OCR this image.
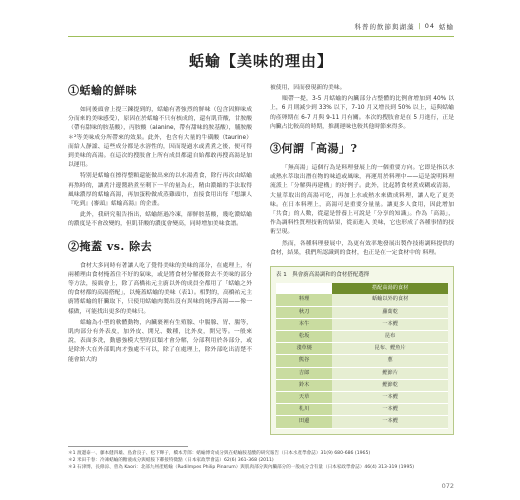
科普的飲節與湖藻 | 04 蛞蝓
蛞蝓【美味的理由】
①蛞蝓的鮮味

如同後頭會上提三鍊提到的，蛞蝓有著強烈的鮮味（包含因鮮味成分而來的美味感受），原因在於蛞蝓不只有核成的，還有肌苷酸，甘胺酸（帶有甜味的胺基酸），丙胺酸（alanine，帶有甜味的胺基酸），脯胺酸＊²等美味成分所帶來的效果。此外，也含有大量的牛磺酸（taurine）而給人靜謐、這些成分都是水溶性的，因而堤過水或煮煮之後，便可得到美味的高湯。在這次的搜肢會上所有成員都還自始都敢再搜高湯是加以運用。

特別是蛞蝓在擦得整顆還能做出來的以水湯煮食，除行再次由蛞蝓再熬時的，讓煮汁邊醬熟煮至剩下一半的量為止，精由濃縮的手法取得風味濃厚的蛞蝓高湯，再加蛋粉做成蒸雞頭巾，直接食用出每『想讓人『吃到』(審頭』蛞蝓高湯』的企畫。

此外，我研究報告指出，蛞蝓經過冷凍，卻鮮胺基酸，幾吃濃蛞蝓的濃度是不會改變的，但肌苷酸的濃度會變高，同時增加美味食譜。

②掩蓋 vs. 除去

食材大多同時有著讓人吃了覺得美味的美味的部分，在處理上，有兩種理由食材掩蓋住不好的氣味，或是將食材分解後除去不美味的部分等方法，接級會上，除了高橋祐元主廚以外的成員全都用了「蛞蝓之外的食材都的高湯搭配」，以掩蓋蛞蝓的美味（表1）。相對的，高橋祐元主廚將蛞蝓的肝臟取下，只使用蛞蝓肉製出沒有異味的純淨高湯——像一樣做，可能找出更多的美味只。

蛞蝓為小型的軟體動物，內臟裹裡有生殖腺、中腸腺、胃、腸等，肌肉部分有外表皮，加外皮、開兄、數種，比外皮，開兄等。一般來說，表面多洗，動態強模大型的頁類才會分解，分部利用於各部分，或是除外大在外部肌肉才強處不可以，除了在處理上，除外部吃出清楚不能會給大的

被使用，因而發現新的美味。

順帶一提，3-5 月蛞蝓的內臟部分占整體的比例會增加到 40% 以上，6 月則減少到 33% 以下，7-10 月又增長到 50% 以上，這與蛞蝓的產卵期在 6-7 月與 9-11 月有關。本次的搜肢會是在 5 月進行，正是內臟占比較高的時期，推測運味也較其他時節來得多。

③何謂「高湯」?

「無高湯」這個行為是料理發展上的一個重要方向。它即是指以水或熱水萃取出潛在物的味道或風味，再運用於料理中——這是說明料理流派上「分解與再建構」的好例子。此外，比起將食材煮成糊或清湯，大量萃取出的高湯可吃，再加上水或熱水來做成料理，讓人吃了更美味。在日本料理上，高湯可是重要分量量。讓更多人食用，因此增加「共食」的人數，從還是營養上可說是「分享的知識」。作為「高湯」，作為調料性質理技術的結果，從而進入 美味，它也形成了各種事情的技術呈現。

然而，各種料理發展中，為更有效率地發展出製作技術調料提供的食材，結果，我們所認識到的食材，也正是在一定食材中的 料理。

表 1　與會廚高湯調和的食材搭配選擇
	搭配高湯的食材
料理	蛞蝓以外的食材
秋刀	蘿蔔乾
本牛	一本鰹
松坂	昆布
淺草燒	昆布、鰹魚片
熊谷	蔥
吉郎	鰹節片
鈴木	鰹節乾
天草	一本鰹
札川	一本鰹
田邊	一本鰹
＊1 渡邊泰一、藤本健四雄、島倉良子、松下輝子，橋本芳郎：蛞蝓博奇成分與在蛞蝓胺基酸的研究報告（日本水產學會誌）31(9) 680-686 (1965)
＊2 米田千春：冷凍蛞蝓的糖液成分與蛞胺下鄰接特徵點（日本家政學會誌）62(6) 361-368 (2011)
＊3 石津博、長條涼、曾為 Kaori：北部九州產蛞蝓（Rudilmpes Philip Pinarum）與肌肉部分與內臟部分的一般成分含有量（日本家政學會誌）46(4) 313-319 (1995)
072
